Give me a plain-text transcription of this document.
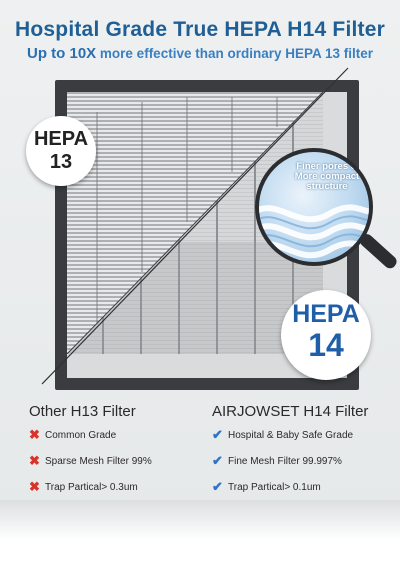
Hospital Grade True HEPA H14 Filter
Up to 10X more effective than ordinary HEPA 13 filter
HEPA
13	Finer pores & More compact structure
HEPA
14
Other H13 Filter	AIRJOWSET H14 Filter
✖ Common Grade
✖ Sparse Mesh Filter 99%
✖ Trap Partical> 0.3um
✔ Hospital & Baby Safe Grade
✔ Fine Mesh Filter 99.997%
✔ Trap Partical> 0.1um
